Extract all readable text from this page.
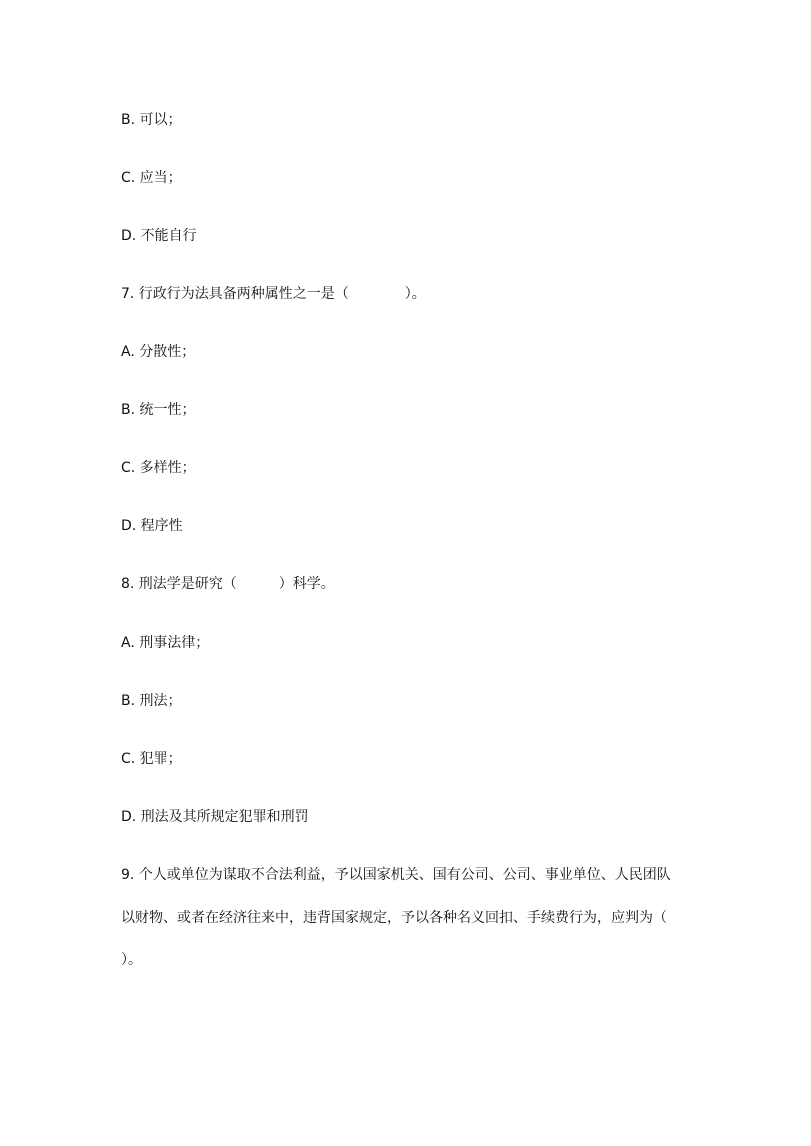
B. 可以；
C. 应当；
D. 不能自行
7. 行政行为法具备两种属性之一是（　　　　）。
A. 分散性；
B. 统一性；
C. 多样性；
D. 程序性
8. 刑法学是研究（　　　）科学。
A. 刑事法律；
B. 刑法；
C. 犯罪；
D. 刑法及其所规定犯罪和刑罚
9. 个人或单位为谋取不合法利益，予以国家机关、国有公司、公司、事业单位、人民团队
以财物、或者在经济往来中，违背国家规定，予以各种名义回扣、手续费行为，应判为（
）。
